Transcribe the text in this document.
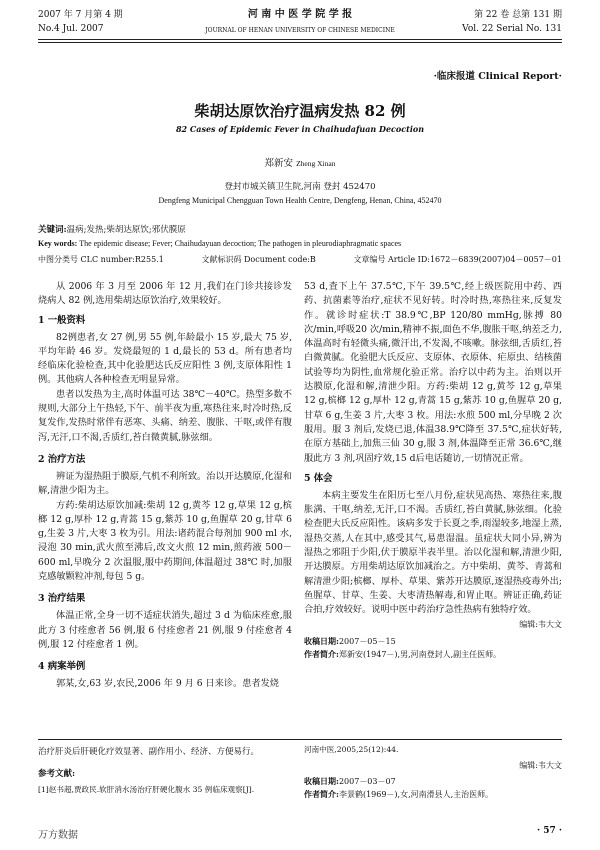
2007 年 7 月第 4 期
No.4 Jul. 2007
河 南 中 医 学 院 学 报
JOURNAL OF HENAN UNIVERSITY OF CHINESE MEDICINE
第 22 卷 总第 131 期
Vol. 22 Serial No. 131
·临床报道 Clinical Report·
柴胡达原饮治疗温病发热 82 例
82 Cases of Epidemic Fever in Chaihudafuan Decoction
郑新安 Zheng Xinan
登封市城关镇卫生院,河南 登封 452470
Dengfeng Municipal Chengguan Town Health Centre, Dengfeng, Henan, China, 452470
关键词:温病;发热;柴胡达原饮;邪伏膜原
Key words: The epidemic disease; Fever; Chaihudayuan decoction; The pathogen in pleurodiaphragmatic spaces
中图分类号 CLC number:R255.1	文献标识码 Document code:B	文章编号 Article ID:1672－6839(2007)04－0057－01
从 2006 年 3 月至 2006 年 12 月,我们在门诊共接诊发烧病人 82 例,选用柴胡达原饮治疗,效果较好。
1 一般资料
82例患者,女 27 例,男 55 例,年龄最小 15 岁,最大 75 岁,平均年龄 46 岁。发烧最短的 1 d,最长的 53 d。所有患者均经临床化验检查,其中化验肥达氏反应阳性 3 例,支原体阳性 1 例。其他病人各种检查无明显异常。
患者以发热为主,高时体温可达 38℃－40℃。热型多数不规则,大部分上午热轻,下午、前半夜为重,寒热往来,时冷时热,反复发作,发热时常伴有恶寒、头痛、纳差、腹胀、干呕,或伴有腹泻,无汗,口不渴,舌质红,苔白微黄腻,脉弦细。
2 治疗方法
辨证为湿热阻于膜原,气机不利所致。治以开达膜原,化湿和解,清泄少阳为主。
方药:柴胡达原饮加减:柴胡 12 g,黄芩 12 g,草果 12 g,槟榔 12 g,厚朴 12 g,青蒿 15 g,紫苏 10 g,鱼腥草 20 g,甘草 6 g,生姜 3 片,大枣 3 枚为引。用法:诸药混合每剂加 900 ml 水,浸泡 30 min,武火煎至沸后,改文火煎 12 min,煎药液 500－600 ml,早晚分 2 次温服,服中药期间,体温超过 38℃ 时,加服克感敏颗粒冲剂,每包 5 g。
3 治疗结果
体温正常,全身一切不适症状消失,超过 3 d 为临床痊愈,服此方 3 付痊愈者 56 例,服 6 付痊愈者 21 例,服 9 付痊愈者 4 例,服 12 付痊愈者 1 例。
4 病案举例
郭某,女,63 岁,农民,2006 年 9 月 6 日来诊。患者发烧
53 d,査下上午 37.5℃,下午 39.5℃,经上级医院用中药、西药、抗菌素等治疗,症状不见好转。时冷时热,寒热往来,反复发作。就诊时症状:T 38.9℃,BP 120/80 mmHg,脉搏 80 次/min,呼吸20 次/min,精神不振,面色不华,腹胀干呕,纳差乏力,体温高时有轻微头痛,微汗出,不发渴,不咳嗽。脉弦细,舌质红,苔白微黄腻。化验肥大氏反应、支原体、衣原体、疟原虫、结核菌试验等均为阴性,血常规化验正常。治疗以中药为主。治则以开达膜原,化湿和解,清泄少阳。方药:柴胡 12 g,黄芩 12 g,草果 12 g,槟榔 12 g,厚朴 12 g,青蒿 15 g,紫苏 10 g,鱼腥草 20 g,甘草 6 g,生姜 3 片,大枣 3 枚。用法:水煎 500 ml,分早晚 2 次服用。服 3 剂后,发烧已退,体温38.9℃降至 37.5℃,症状好转,在原方基础上,加焦三仙 30 g,服 3 剂,体温降至正常 36.6℃,继服此方 3 剂,巩固疗效,15 d后电话随访,一切情况正常。
5 体会
本病主要发生在阳历七至八月份,症状见高热、寒热往来,腹胀满、干呕,纳差,无汗,口不渴。舌质红,苔白黄腻,脉弦细。化验检查肥大氏反应阳性。该病多发于长夏之季,雨湿较多,地湿上蒸,湿热交蒸,人在其中,感受其气,易患湿温。虽症状大同小异,辨为湿热之邪阻于少阳,伏于膜原半表半里。治以化湿和解,清泄少阳,开达膜原。方用柴胡达原饮加减治之。方中柴胡、黄芩、青蒿和解清泄少阳;槟榔、厚朴、草果、紫苏开达膜原,逐湿热疫毒外出;鱼腥草、甘草、生姜、大枣清热解毒,和胃止呕。辨证正确,药证合拍,疗效较好。说明中医中药治疗急性热病有独特疗效。
编辑:韦大文
收稿日期:2007－05－15
作者简介:郑新安(1947－),男,河南登封人,副主任医师。
治疗肝炎后肝硬化疗效显著、副作用小、经济、方便易行。
参考文献:
[1]赵书超,贾政民.软肝消水汤治疗肝硬化腹水 35 例临床观察[J].
河南中医,2005,25(12):44.
编辑:韦大文
收稿日期:2007－03－07
作者简介:李景鹤(1969－),女,河南滑县人,主治医师。
· 57 ·
万方数据
